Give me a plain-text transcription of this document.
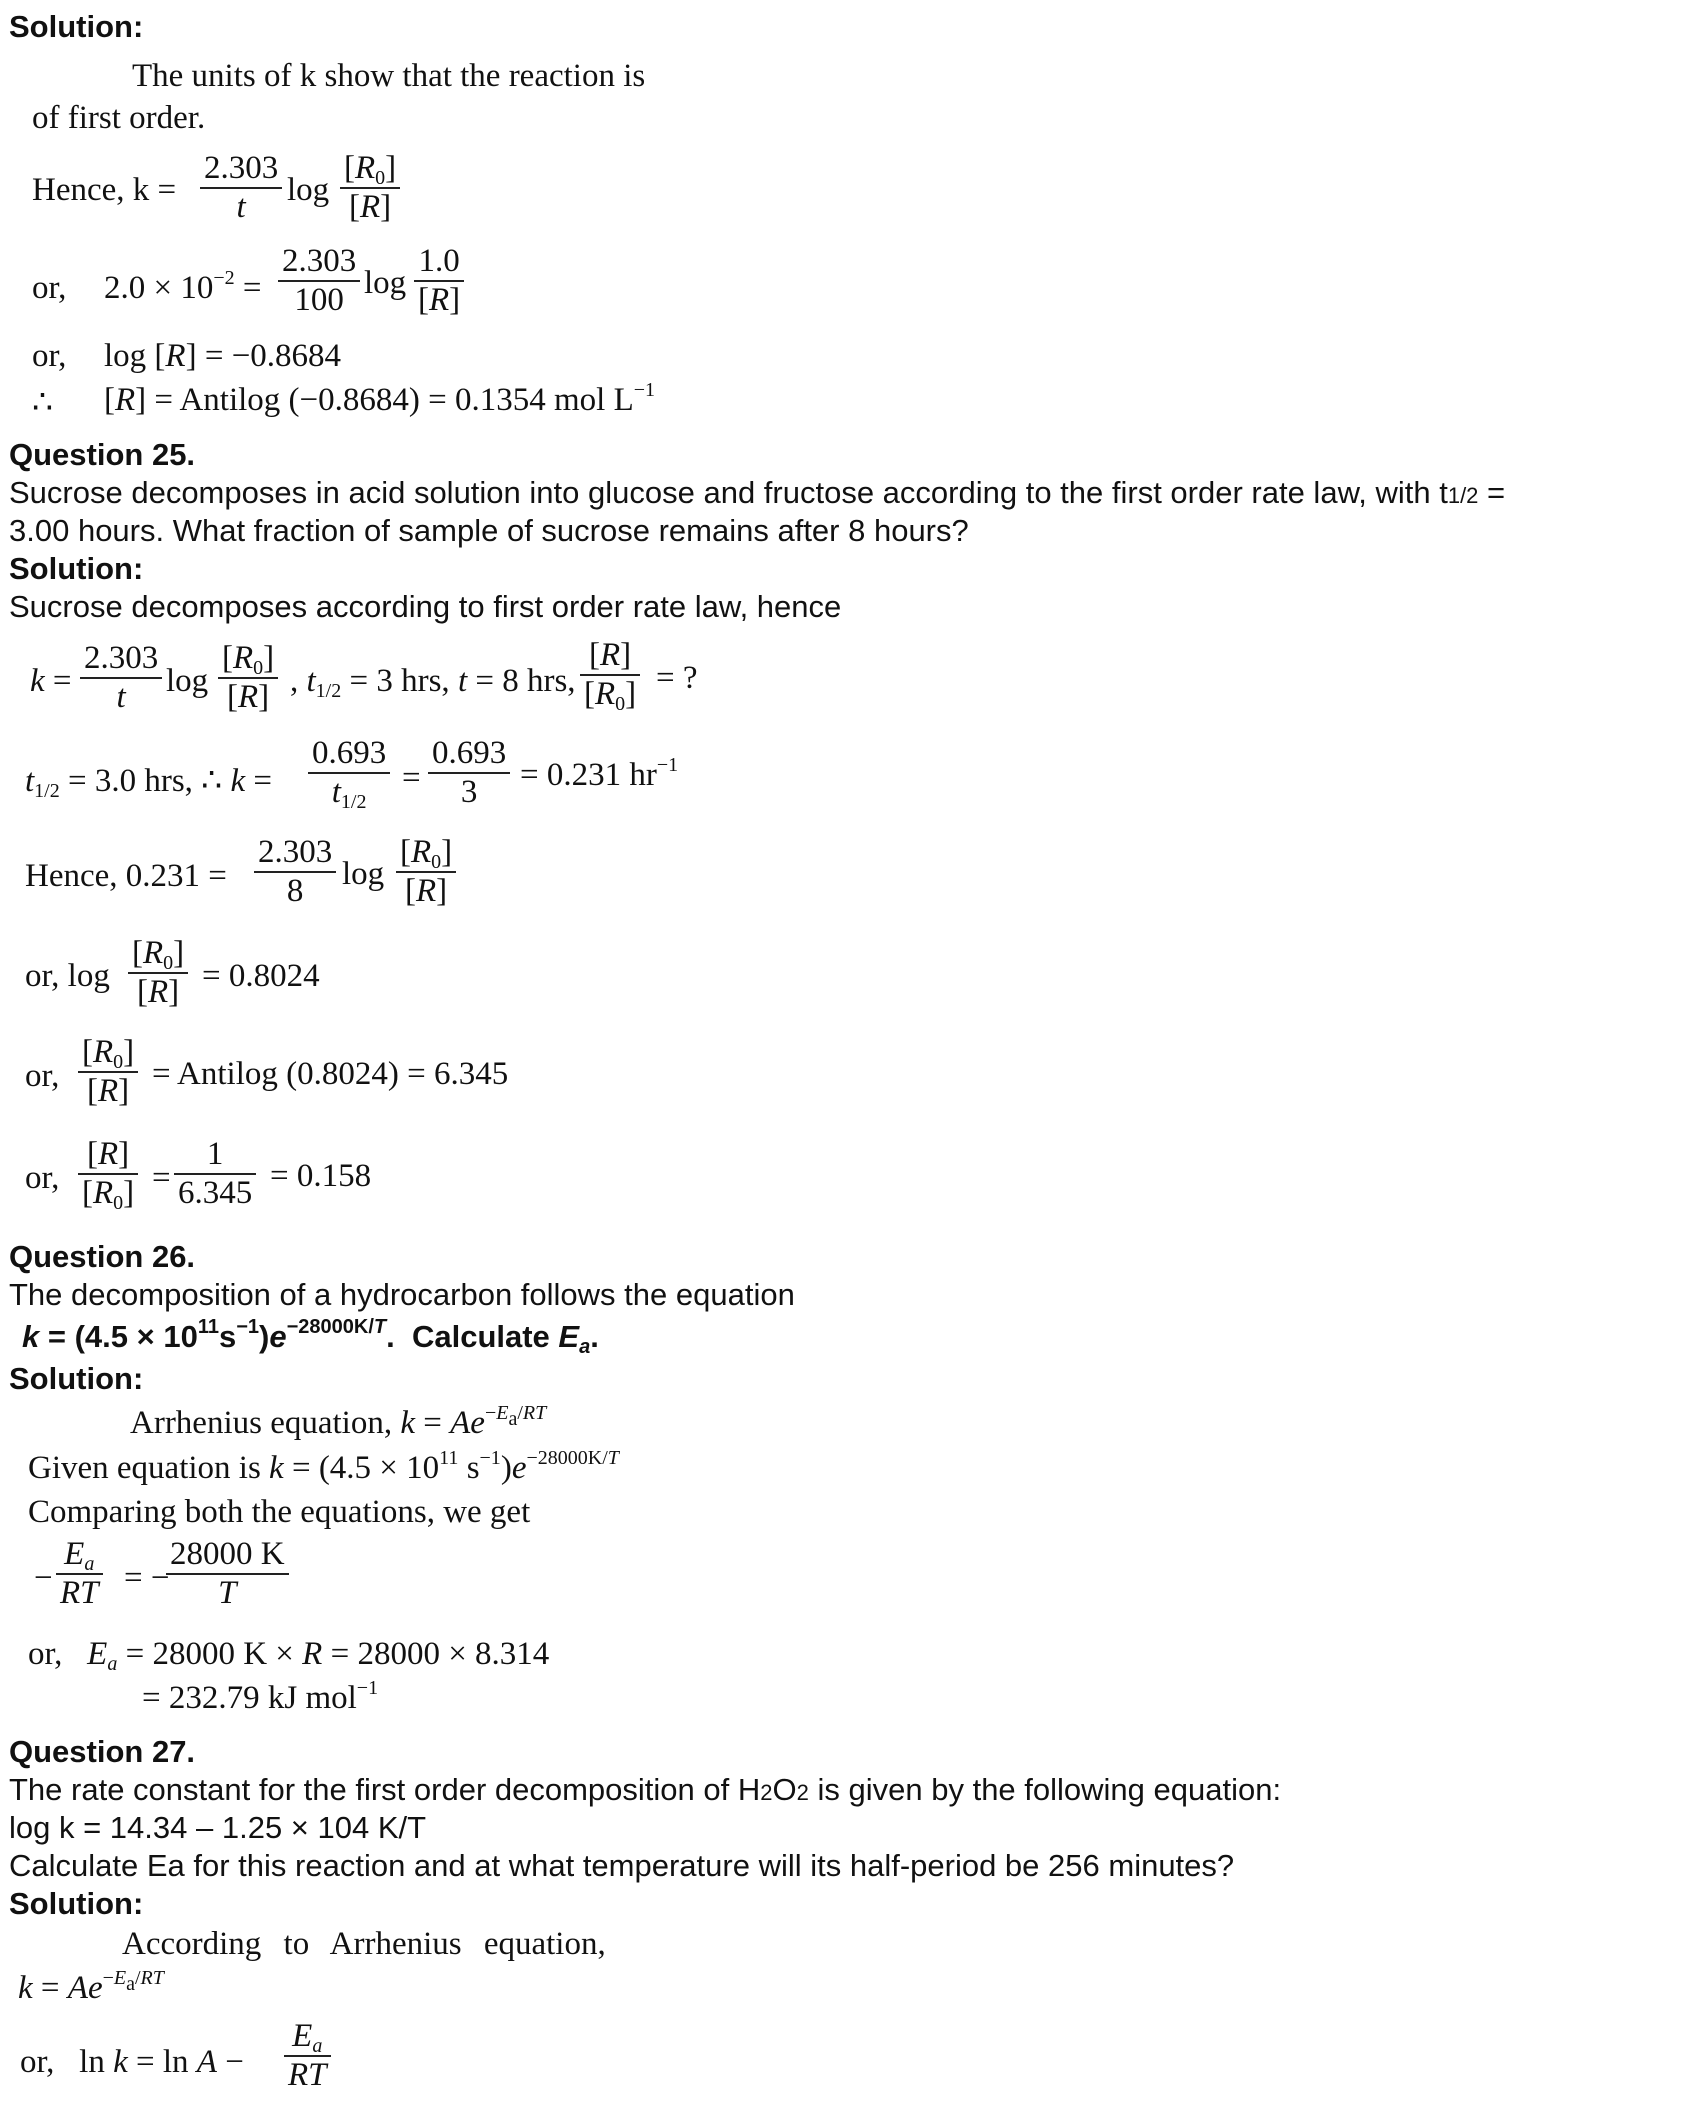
Solution:
The units of k show that the reaction is
of first order.
Hence, $k = \frac{2.303}{t}$ $\log \frac{[R_0]}{[R]}$
or, $2.0 \times 10^{-2} = \frac{2.303}{100}$ $\log \frac{1.0}{[R]}$
or, log [R] = −0.8684
∴ [R] = Antilog (−0.8684) = 0.1354 mol $L^{-1}$
Question 25.
Sucrose decomposes in acid solution into glucose and fructose according to the first order rate law, with t1/2 =
3.00 hours. What fraction of sample of sucrose remains after 8 hours?
Solution:
Sucrose decomposes according to first order rate law, hence
$k = \frac{2.303}{t}$ $\log \frac{[R_0]}{[R]}$ , $t_{1/2} = 3$ hrs, t = 8 hrs, $\frac{[R]}{[R_0]}$ = ?
$t_{1/2} = 3.0$ hrs, ∴ $k = \frac{0.693}{t_{1/2}} = \frac{0.693}{3} = 0.231$ $hr^{-1}$
Hence, $0.231 = \frac{2.303}{8}$ $\log \frac{[R_0]}{[R]}$
or, $\log \frac{[R_0]}{[R]} = 0.8024$
or, $\frac{[R_0]}{[R]}$ = Antilog (0.8024) = 6.345
or, $\frac{[R]}{[R_0]} = \frac{1}{6.345} = 0.158$
Question 26.
The decomposition of a hydrocarbon follows the equation
$k = (4.5 \times 10^{11}s^{-1})e^{-28000K/T}$.  Calculate $E_a$.
Solution:
Arrhenius equation, $k = Ae^{-E_a/RT}$
Given equation is $k = (4.5 \times 10^{11}$ $s^{-1})e^{-28000K/T}$
Comparing both the equations, we get
− $\frac{E_a}{RT}$ = −
$\frac{28000 K}{T}$
or,   $E_a = 28000$ K × R = 28000 × 8.314
= 232.79 kJ mol$^{-1}$
Question 27.
The rate constant for the first order decomposition of H2O2 is given by the following equation:
log k = 14.34 – 1.25 × 104 K/T
Calculate Ea for this reaction and at what temperature will its half-period be 256 minutes?
Solution:
According to Arrhenius equation,
$k = Ae^{-E_a/RT}$
or,   $\ln k = \ln A - \frac{E_a}{RT}$
